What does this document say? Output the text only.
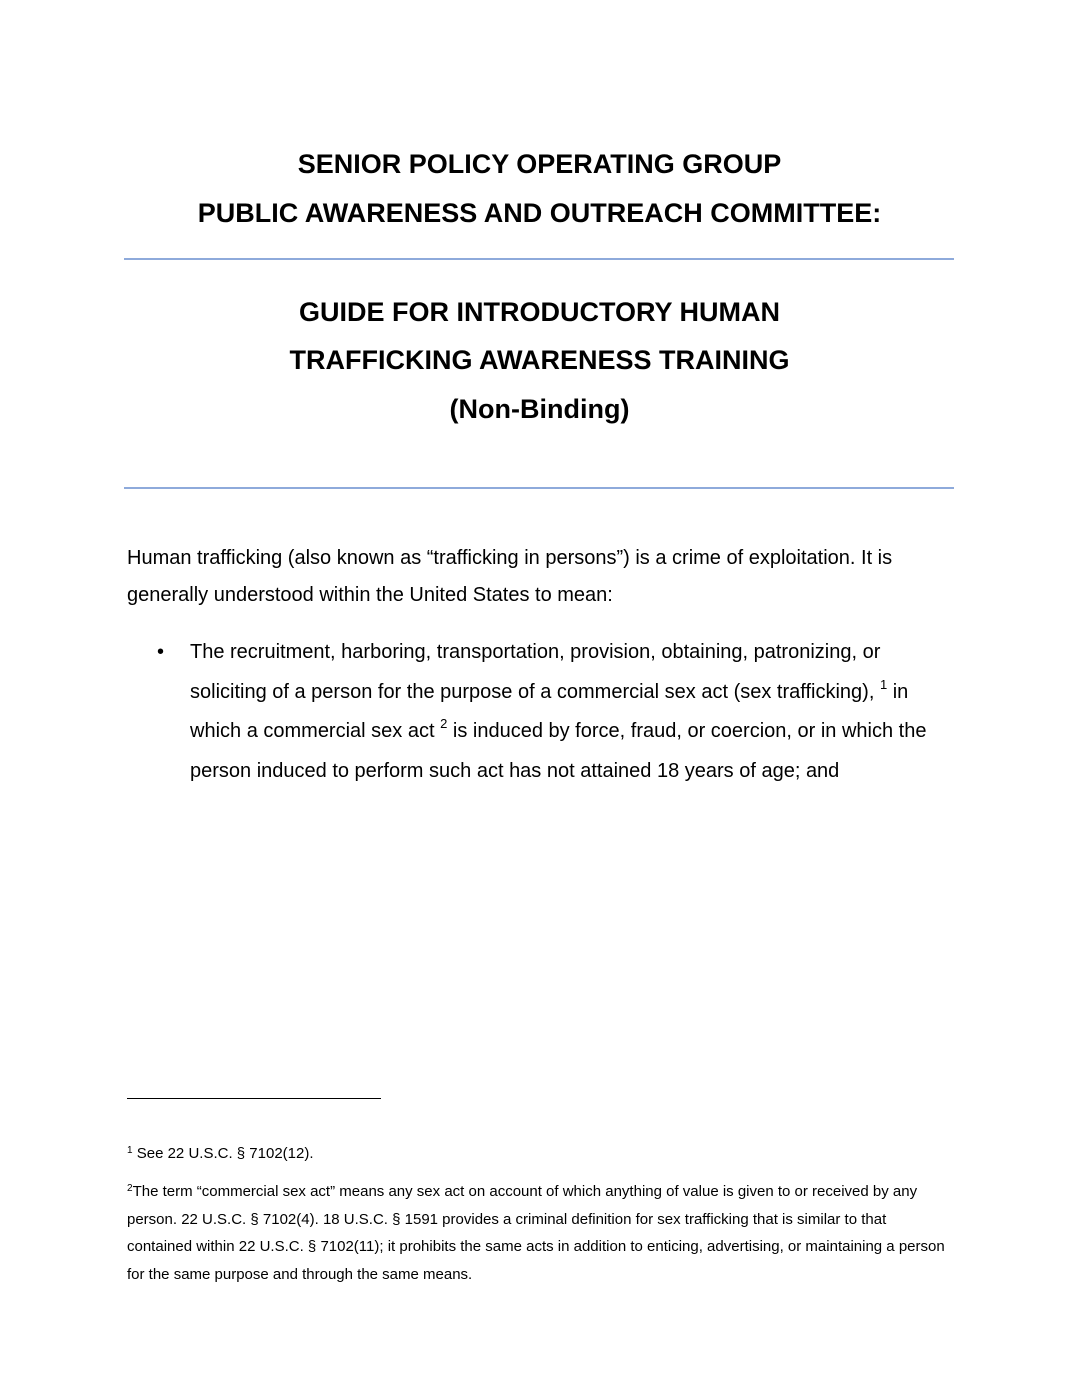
SENIOR POLICY OPERATING GROUP
PUBLIC AWARENESS AND OUTREACH COMMITTEE:
GUIDE FOR INTRODUCTORY HUMAN
TRAFFICKING AWARENESS TRAINING
(Non-Binding)
Human trafficking (also known as “trafficking in persons”) is a crime of exploitation. It is generally understood within the United States to mean:
• The recruitment, harboring, transportation, provision, obtaining, patronizing, or soliciting of a person for the purpose of a commercial sex act (sex trafficking), $^1$ in which a commercial sex act $^2$ is induced by force, fraud, or coercion, or in which the person induced to perform such act has not attained 18 years of age; and
$^1$ See 22 U.S.C. § 7102(12).
$^2$The term “commercial sex act” means any sex act on account of which anything of value is given to or received by any person. 22 U.S.C. § 7102(4). 18 U.S.C. § 1591 provides a criminal definition for sex trafficking that is similar to that contained within 22 U.S.C. § 7102(11); it prohibits the same acts in addition to enticing, advertising, or maintaining a person for the same purpose and through the same means.
